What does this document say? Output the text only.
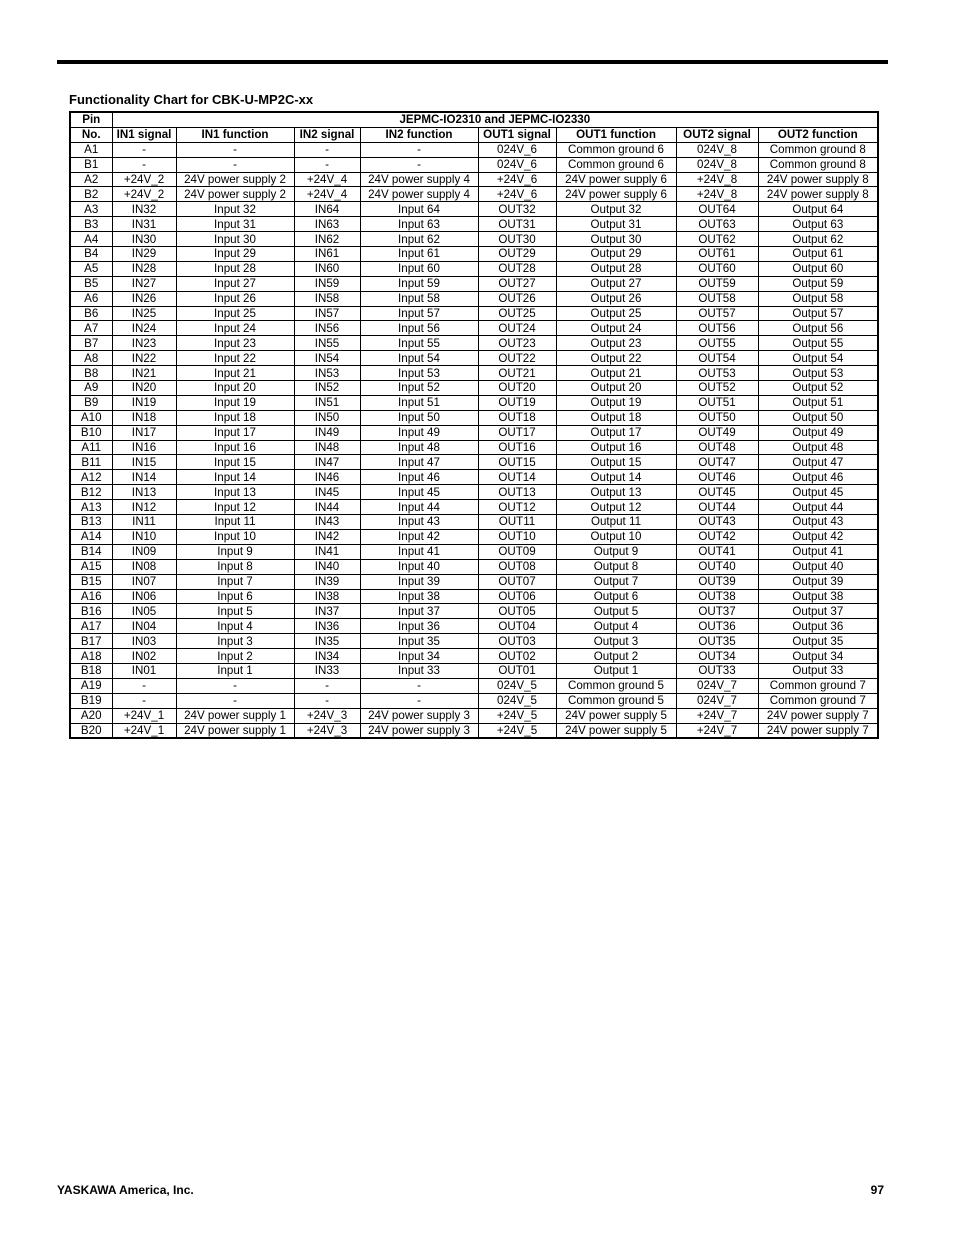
Functionality Chart for CBK-U-MP2C-xx
Pin	JEPMC-IO2310 and JEPMC-IO2330							
No.	IN1 signal	IN1 function	IN2 signal	IN2 function	OUT1 signal	OUT1 function	OUT2 signal	OUT2 function
A1	-	-	-	-	024V_6	Common ground 6	024V_8	Common ground 8
B1	-	-	-	-	024V_6	Common ground 6	024V_8	Common ground 8
A2	+24V_2	24V power supply 2	+24V_4	24V power supply 4	+24V_6	24V power supply 6	+24V_8	24V power supply 8
B2	+24V_2	24V power supply 2	+24V_4	24V power supply 4	+24V_6	24V power supply 6	+24V_8	24V power supply 8
A3	IN32	Input 32	IN64	Input 64	OUT32	Output 32	OUT64	Output 64
B3	IN31	Input 31	IN63	Input 63	OUT31	Output 31	OUT63	Output 63
A4	IN30	Input 30	IN62	Input 62	OUT30	Output 30	OUT62	Output 62
B4	IN29	Input 29	IN61	Input 61	OUT29	Output 29	OUT61	Output 61
A5	IN28	Input 28	IN60	Input 60	OUT28	Output 28	OUT60	Output 60
B5	IN27	Input 27	IN59	Input 59	OUT27	Output 27	OUT59	Output 59
A6	IN26	Input 26	IN58	Input 58	OUT26	Output 26	OUT58	Output 58
B6	IN25	Input 25	IN57	Input 57	OUT25	Output 25	OUT57	Output 57
A7	IN24	Input 24	IN56	Input 56	OUT24	Output 24	OUT56	Output 56
B7	IN23	Input 23	IN55	Input 55	OUT23	Output 23	OUT55	Output 55
A8	IN22	Input 22	IN54	Input 54	OUT22	Output 22	OUT54	Output 54
B8	IN21	Input 21	IN53	Input 53	OUT21	Output 21	OUT53	Output 53
A9	IN20	Input 20	IN52	Input 52	OUT20	Output 20	OUT52	Output 52
B9	IN19	Input 19	IN51	Input 51	OUT19	Output 19	OUT51	Output 51
A10	IN18	Input 18	IN50	Input 50	OUT18	Output 18	OUT50	Output 50
B10	IN17	Input 17	IN49	Input 49	OUT17	Output 17	OUT49	Output 49
A11	IN16	Input 16	IN48	Input 48	OUT16	Output 16	OUT48	Output 48
B11	IN15	Input 15	IN47	Input 47	OUT15	Output 15	OUT47	Output 47
A12	IN14	Input 14	IN46	Input 46	OUT14	Output 14	OUT46	Output 46
B12	IN13	Input 13	IN45	Input 45	OUT13	Output 13	OUT45	Output 45
A13	IN12	Input 12	IN44	Input 44	OUT12	Output 12	OUT44	Output 44
B13	IN11	Input 11	IN43	Input 43	OUT11	Output 11	OUT43	Output 43
A14	IN10	Input 10	IN42	Input 42	OUT10	Output 10	OUT42	Output 42
B14	IN09	Input 9	IN41	Input 41	OUT09	Output 9	OUT41	Output 41
A15	IN08	Input 8	IN40	Input 40	OUT08	Output 8	OUT40	Output 40
B15	IN07	Input 7	IN39	Input 39	OUT07	Output 7	OUT39	Output 39
A16	IN06	Input 6	IN38	Input 38	OUT06	Output 6	OUT38	Output 38
B16	IN05	Input 5	IN37	Input 37	OUT05	Output 5	OUT37	Output 37
A17	IN04	Input 4	IN36	Input 36	OUT04	Output 4	OUT36	Output 36
B17	IN03	Input 3	IN35	Input 35	OUT03	Output 3	OUT35	Output 35
A18	IN02	Input 2	IN34	Input 34	OUT02	Output 2	OUT34	Output 34
B18	IN01	Input 1	IN33	Input 33	OUT01	Output 1	OUT33	Output 33
A19	-	-	-	-	024V_5	Common ground 5	024V_7	Common ground 7
B19	-	-	-	-	024V_5	Common ground 5	024V_7	Common ground 7
A20	+24V_1	24V power supply 1	+24V_3	24V power supply 3	+24V_5	24V power supply 5	+24V_7	24V power supply 7
B20	+24V_1	24V power supply 1	+24V_3	24V power supply 3	+24V_5	24V power supply 5	+24V_7	24V power supply 7
YASKAWA America, Inc.	97
